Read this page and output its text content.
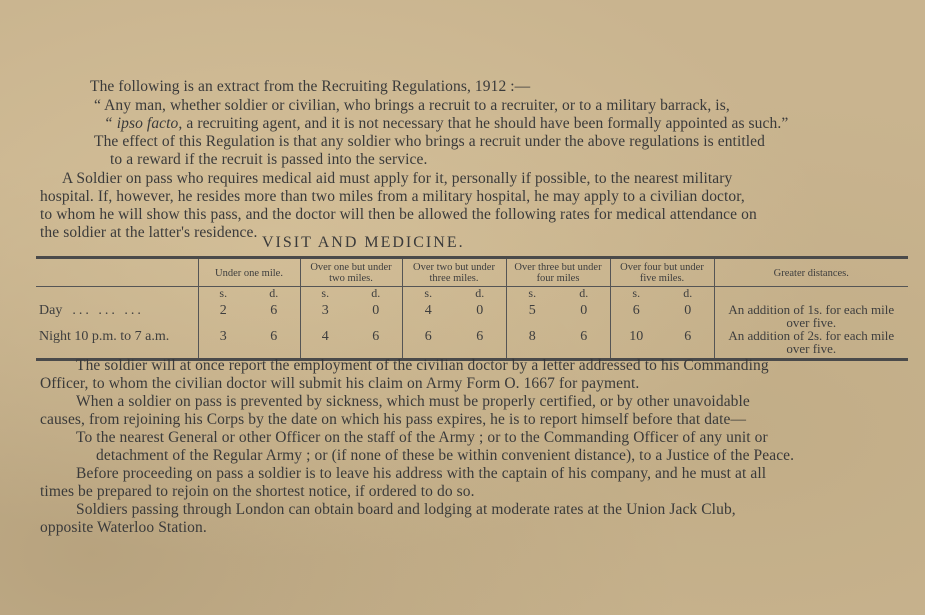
The following is an extract from the Recruiting Regulations, 1912 :—
“ Any man, whether soldier or civilian, who brings a recruit to a recruiter, or to a military barrack, is,
“ ipso facto, a recruiting agent, and it is not necessary that he should have been formally appointed as such.”
The effect of this Regulation is that any soldier who brings a recruit under the above regulations is entitled
to a reward if the recruit is passed into the service.
A Soldier on pass who requires medical aid must apply for it, personally if possible, to the nearest military
hospital. If, however, he resides more than two miles from a military hospital, he may apply to a civilian doctor,
to whom he will show this pass, and the doctor will then be allowed the following rates for medical attendance on
the soldier at the latter's residence.
VISIT AND MEDICINE.
	Under one mile.		Over one but under two miles.		Over two but under three miles.		Over three but under four miles		Over four but under five miles.		Greater distances.
	s.	d.	s.	d.	s.	d.	s.	d.	s.	d.	
Day ... ... ...	2	6	3	0	4	0	5	0	6	0	An addition of 1s. for each mile over five.
Night 10 p.m. to 7 a.m.	3	6	4	6	6	6	8	6	10	6	An addition of 2s. for each mile over five.
The soldier will at once report the employment of the civilian doctor by a letter addressed to his Commanding
Officer, to whom the civilian doctor will submit his claim on Army Form O. 1667 for payment.
When a soldier on pass is prevented by sickness, which must be properly certified, or by other unavoidable
causes, from rejoining his Corps by the date on which his pass expires, he is to report himself before that date—
To the nearest General or other Officer on the staff of the Army ; or to the Commanding Officer of any unit or
detachment of the Regular Army ; or (if none of these be within convenient distance), to a Justice of the Peace.
Before proceeding on pass a soldier is to leave his address with the captain of his company, and he must at all
times be prepared to rejoin on the shortest notice, if ordered to do so.
Soldiers passing through London can obtain board and lodging at moderate rates at the Union Jack Club,
opposite Waterloo Station.
